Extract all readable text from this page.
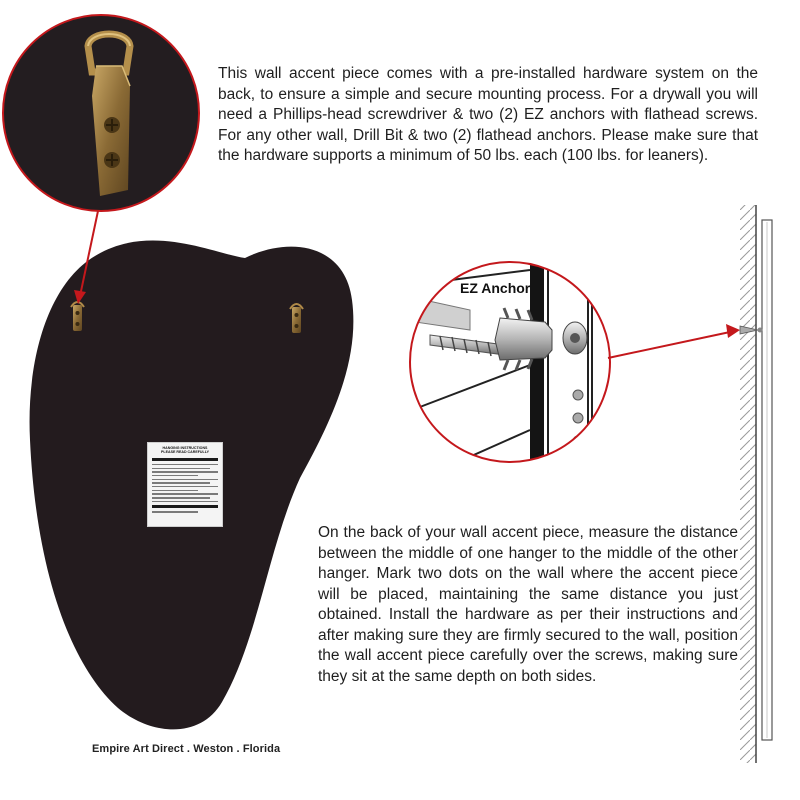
HANGING INSTRUCTIONS
PLEASE READ CAREFULLY
EZ Anchor

This wall accent piece comes with a pre-installed hardware system on the back, to ensure a simple and secure mounting process. For a drywall you will need a Phillips-head screwdriver & two (2) EZ anchors with flathead screws. For any other wall, Drill Bit & two (2) flathead anchors. Please make sure that the hardware supports a minimum of 50 lbs. each (100 lbs. for leaners).

On the back of your wall accent piece, measure the distance between the middle of one hanger to the middle of the other hanger. Mark two dots on the wall where the accent piece will be placed, maintaining the same distance you just obtained. Install the hardware as per their instructions and after making sure they are firmly secured to the wall, position the wall accent piece carefully over the screws, making sure they sit at the same depth on both sides.

Empire Art Direct . Weston . Florida
